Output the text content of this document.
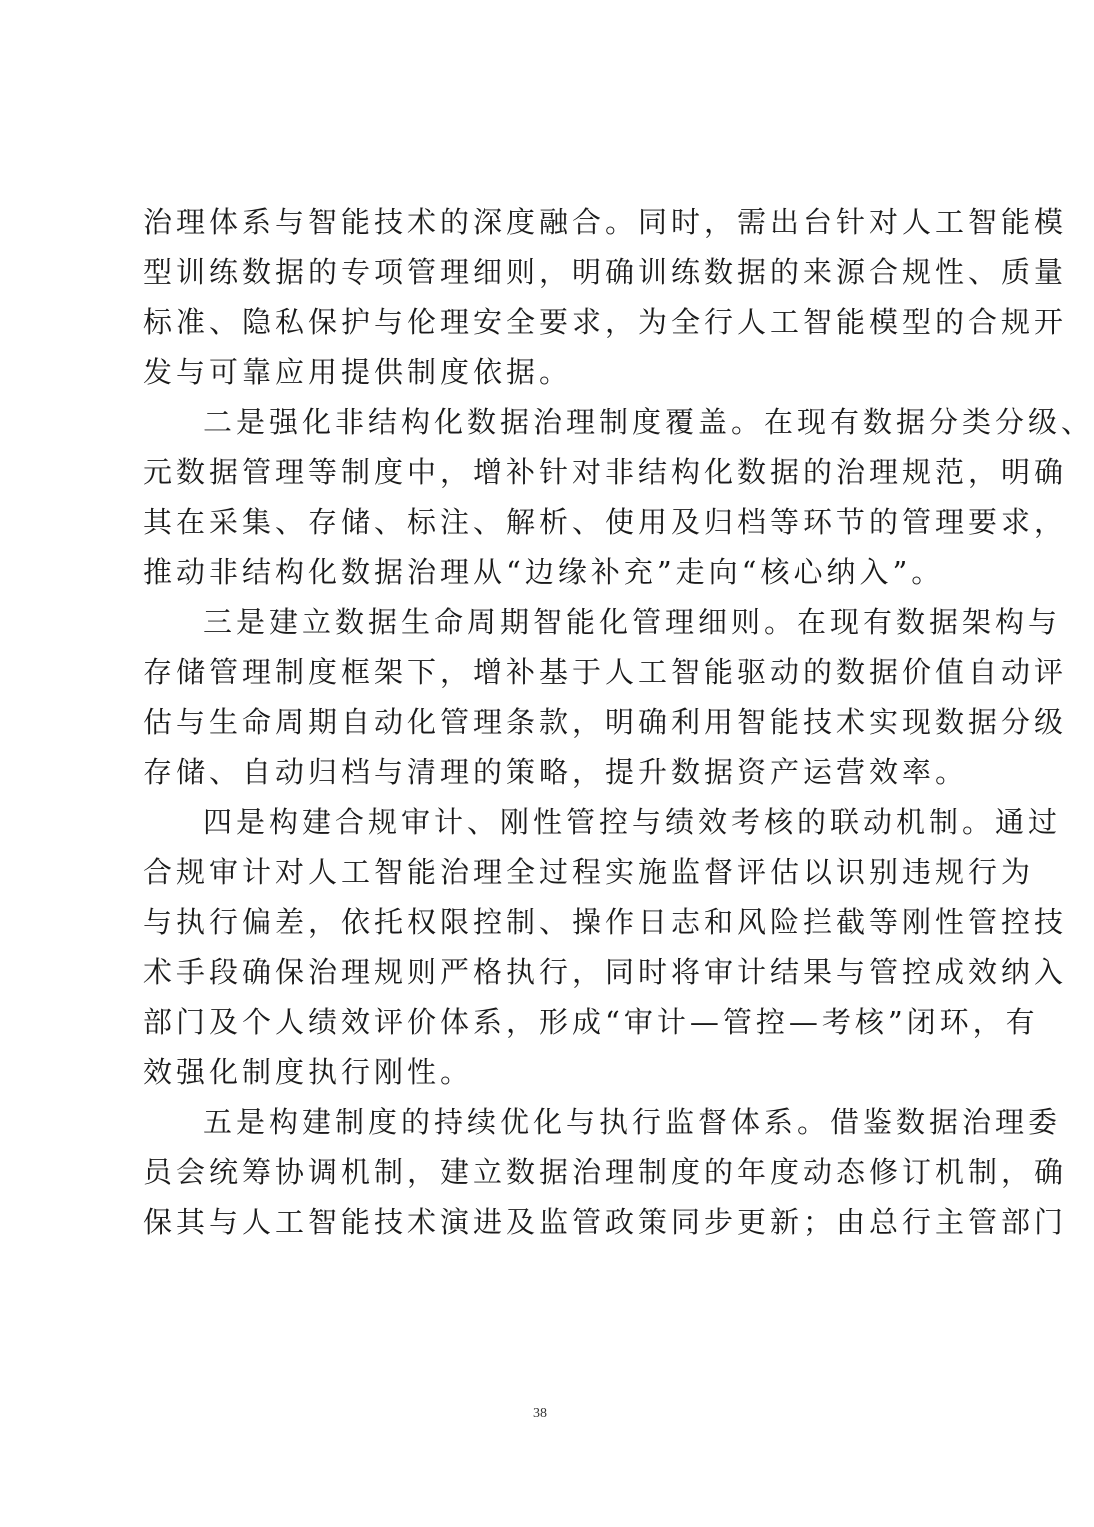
治理体系与智能技术的深度融合。同时，需出台针对人工智能模
型训练数据的专项管理细则，明确训练数据的来源合规性、质量
标准、隐私保护与伦理安全要求，为全行人工智能模型的合规开
发与可靠应用提供制度依据。
二是强化非结构化数据治理制度覆盖。在现有数据分类分级、
元数据管理等制度中，增补针对非结构化数据的治理规范，明确
其在采集、存储、标注、解析、使用及归档等环节的管理要求，
推动非结构化数据治理从“边缘补充”走向“核心纳入”。
三是建立数据生命周期智能化管理细则。在现有数据架构与
存储管理制度框架下，增补基于人工智能驱动的数据价值自动评
估与生命周期自动化管理条款，明确利用智能技术实现数据分级
存储、自动归档与清理的策略，提升数据资产运营效率。
四是构建合规审计、刚性管控与绩效考核的联动机制。通过
合规审计对人工智能治理全过程实施监督评估以识别违规行为
与执行偏差，依托权限控制、操作日志和风险拦截等刚性管控技
术手段确保治理规则严格执行，同时将审计结果与管控成效纳入
部门及个人绩效评价体系，形成“审计—管控—考核”闭环，有
效强化制度执行刚性。
五是构建制度的持续优化与执行监督体系。借鉴数据治理委
员会统筹协调机制，建立数据治理制度的年度动态修订机制，确
保其与人工智能技术演进及监管政策同步更新；由总行主管部门
38
